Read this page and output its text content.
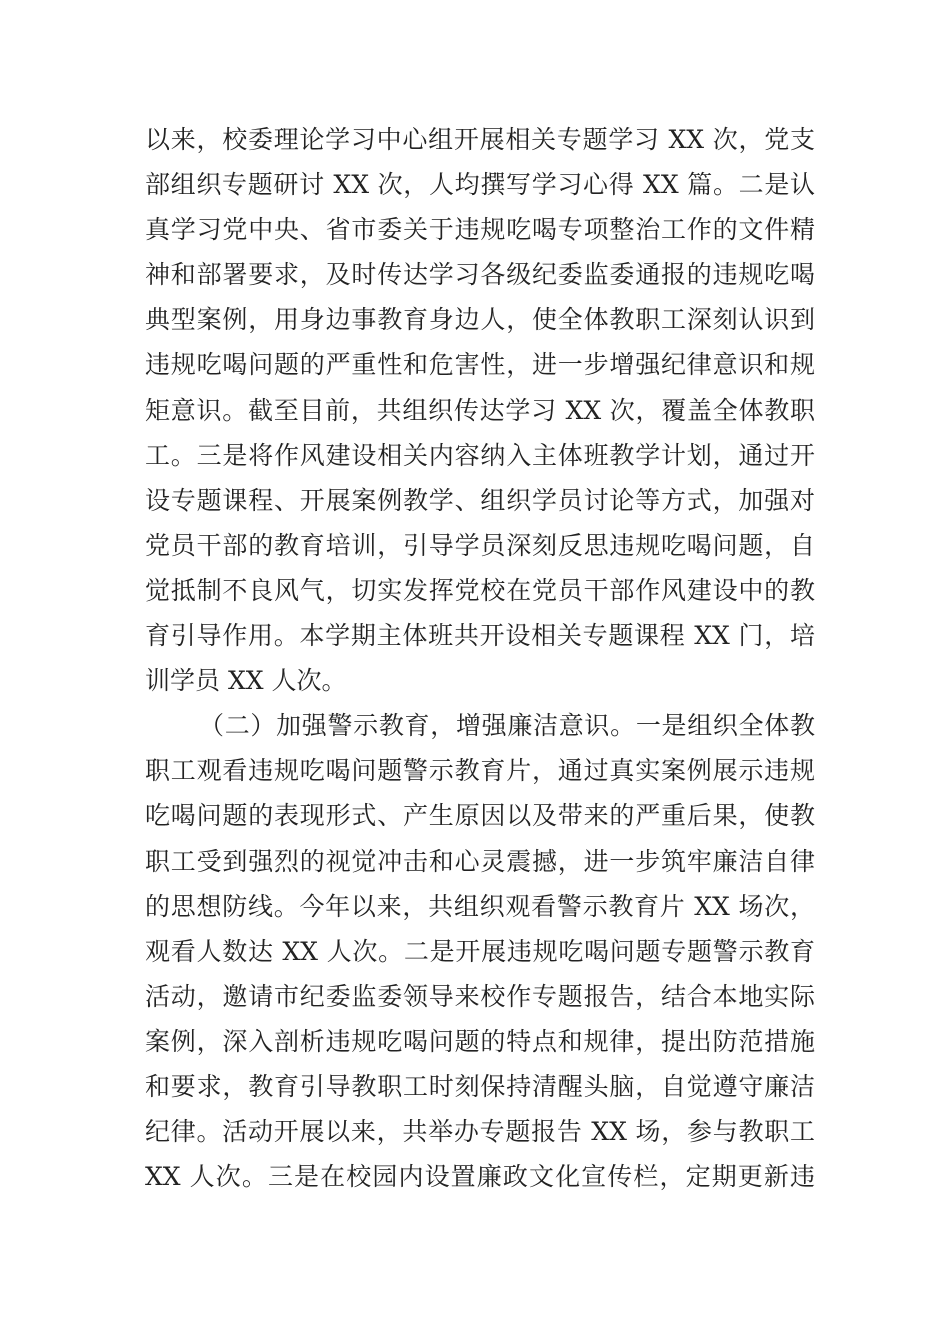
以来，校委理论学习中心组开展相关专题学习 XX 次，党支
部组织专题研讨 XX 次，人均撰写学习心得 XX 篇。二是认
真学习党中央、省市委关于违规吃喝专项整治工作的文件精
神和部署要求，及时传达学习各级纪委监委通报的违规吃喝
典型案例，用身边事教育身边人，使全体教职工深刻认识到
违规吃喝问题的严重性和危害性，进一步增强纪律意识和规
矩意识。截至目前，共组织传达学习 XX 次，覆盖全体教职
工。三是将作风建设相关内容纳入主体班教学计划，通过开
设专题课程、开展案例教学、组织学员讨论等方式，加强对
党员干部的教育培训，引导学员深刻反思违规吃喝问题，自
觉抵制不良风气，切实发挥党校在党员干部作风建设中的教
育引导作用。本学期主体班共开设相关专题课程 XX 门，培
训学员 XX 人次。
（二）加强警示教育，增强廉洁意识。一是组织全体教
职工观看违规吃喝问题警示教育片，通过真实案例展示违规
吃喝问题的表现形式、产生原因以及带来的严重后果，使教
职工受到强烈的视觉冲击和心灵震撼，进一步筑牢廉洁自律
的思想防线。今年以来，共组织观看警示教育片 XX 场次，
观看人数达 XX 人次。二是开展违规吃喝问题专题警示教育
活动，邀请市纪委监委领导来校作专题报告，结合本地实际
案例，深入剖析违规吃喝问题的特点和规律，提出防范措施
和要求，教育引导教职工时刻保持清醒头脑，自觉遵守廉洁
纪律。活动开展以来，共举办专题报告 XX 场，参与教职工
XX 人次。三是在校园内设置廉政文化宣传栏，定期更新违
